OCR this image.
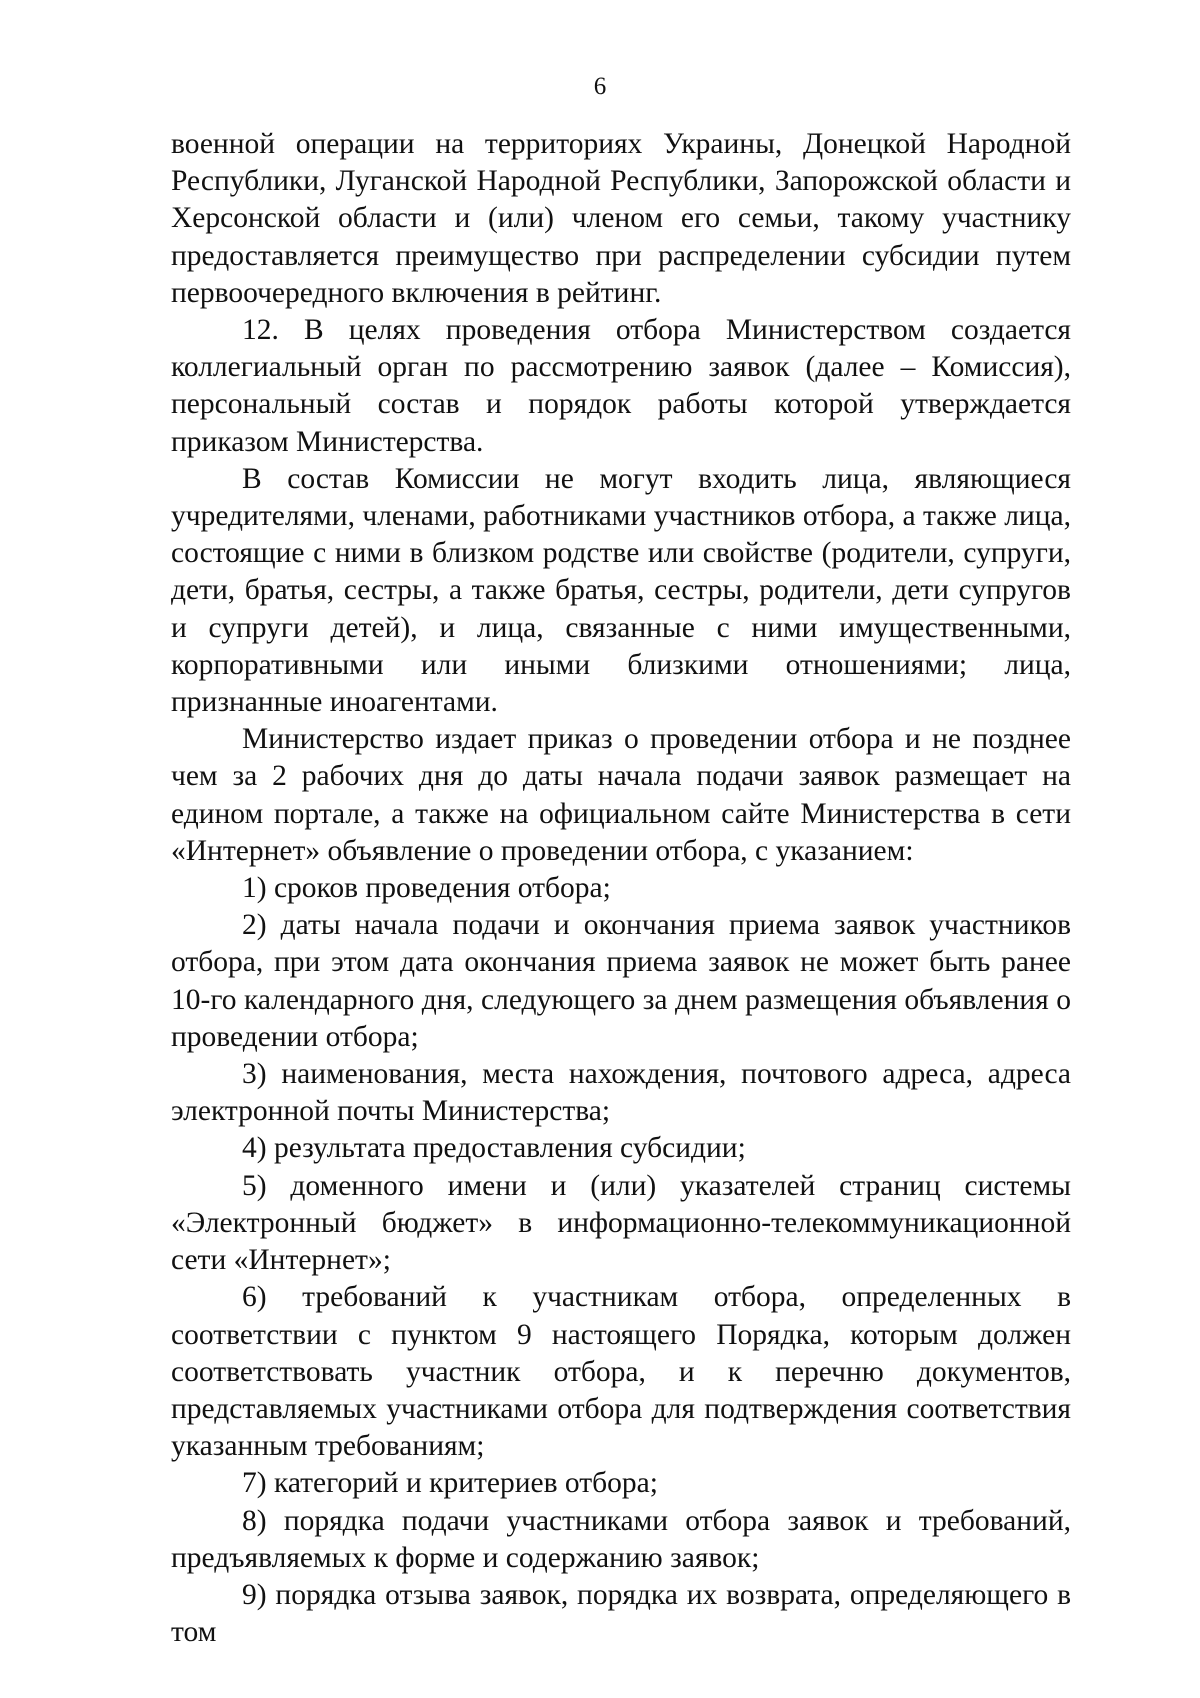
6

военной операции на территориях Украины, Донецкой Народной Республики, Луганской Народной Республики, Запорожской области и Херсонской области и (или) членом его семьи, такому участнику предоставляется преимущество при распределении субсидии путем первоочередного включения в рейтинг.

12. В целях проведения отбора Министерством создается коллегиальный орган по рассмотрению заявок (далее – Комиссия), персональный состав и порядок работы которой утверждается приказом Министерства.

В состав Комиссии не могут входить лица, являющиеся учредителями, членами, работниками участников отбора, а также лица, состоящие с ними в близком родстве или свойстве (родители, супруги, дети, братья, сестры, а также братья, сестры, родители, дети супругов и супруги детей), и лица, связанные с ними имущественными, корпоративными или иными близкими отношениями; лица, признанные иноагентами.

Министерство издает приказ о проведении отбора и не позднее чем за 2 рабочих дня до даты начала подачи заявок размещает на едином портале, а также на официальном сайте Министерства в сети «Интернет» объявление о проведении отбора, с указанием:

1) сроков проведения отбора;

2) даты начала подачи и окончания приема заявок участников отбора, при этом дата окончания приема заявок не может быть ранее 10-го календарного дня, следующего за днем размещения объявления о проведении отбора;

3) наименования, места нахождения, почтового адреса, адреса электронной почты Министерства;

4) результата предоставления субсидии;

5) доменного имени и (или) указателей страниц системы «Электронный бюджет» в информационно-телекоммуникационной сети «Интернет»;

6) требований к участникам отбора, определенных в соответствии с пунктом 9 настоящего Порядка, которым должен соответствовать участник отбора, и к перечню документов, представляемых участниками отбора для подтверждения соответствия указанным требованиям;

7) категорий и критериев отбора;

8) порядка подачи участниками отбора заявок и требований, предъявляемых к форме и содержанию заявок;

9) порядка отзыва заявок, порядка их возврата, определяющего в том
